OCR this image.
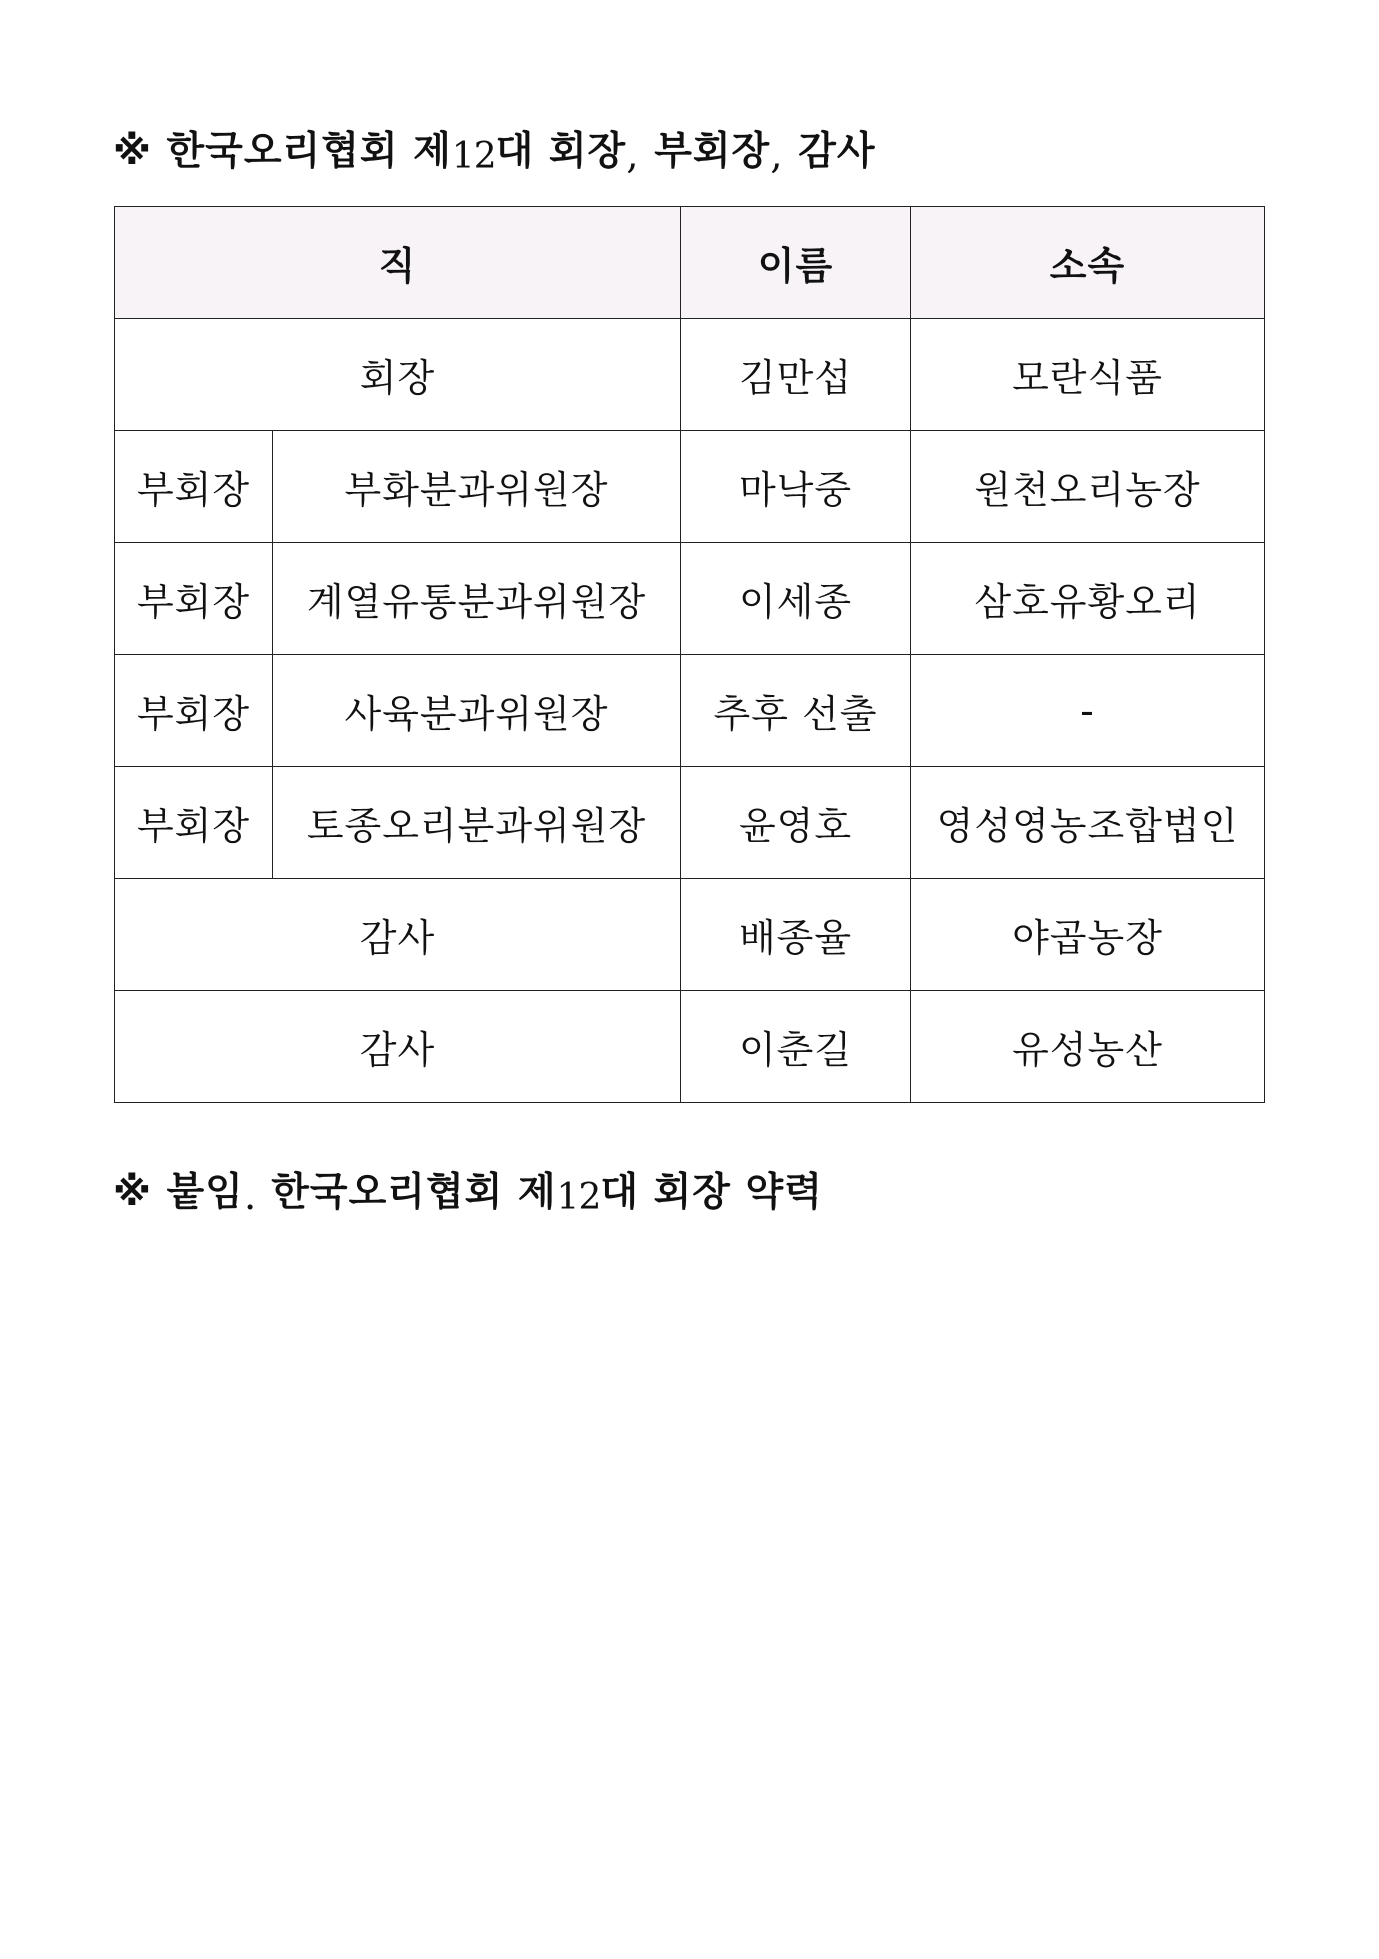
※ 한국오리협회 제12대 회장, 부회장, 감사
직		이름	소속
회장		김만섭	모란식품
부회장	부화분과위원장	마낙중	원천오리농장
부회장	계열유통분과위원장	이세종	삼호유황오리
부회장	사육분과위원장	추후 선출	-
부회장	토종오리분과위원장	윤영호	영성영농조합법인
감사		배종율	야곱농장
감사		이춘길	유성농산
※ 붙임. 한국오리협회 제12대 회장 약력
